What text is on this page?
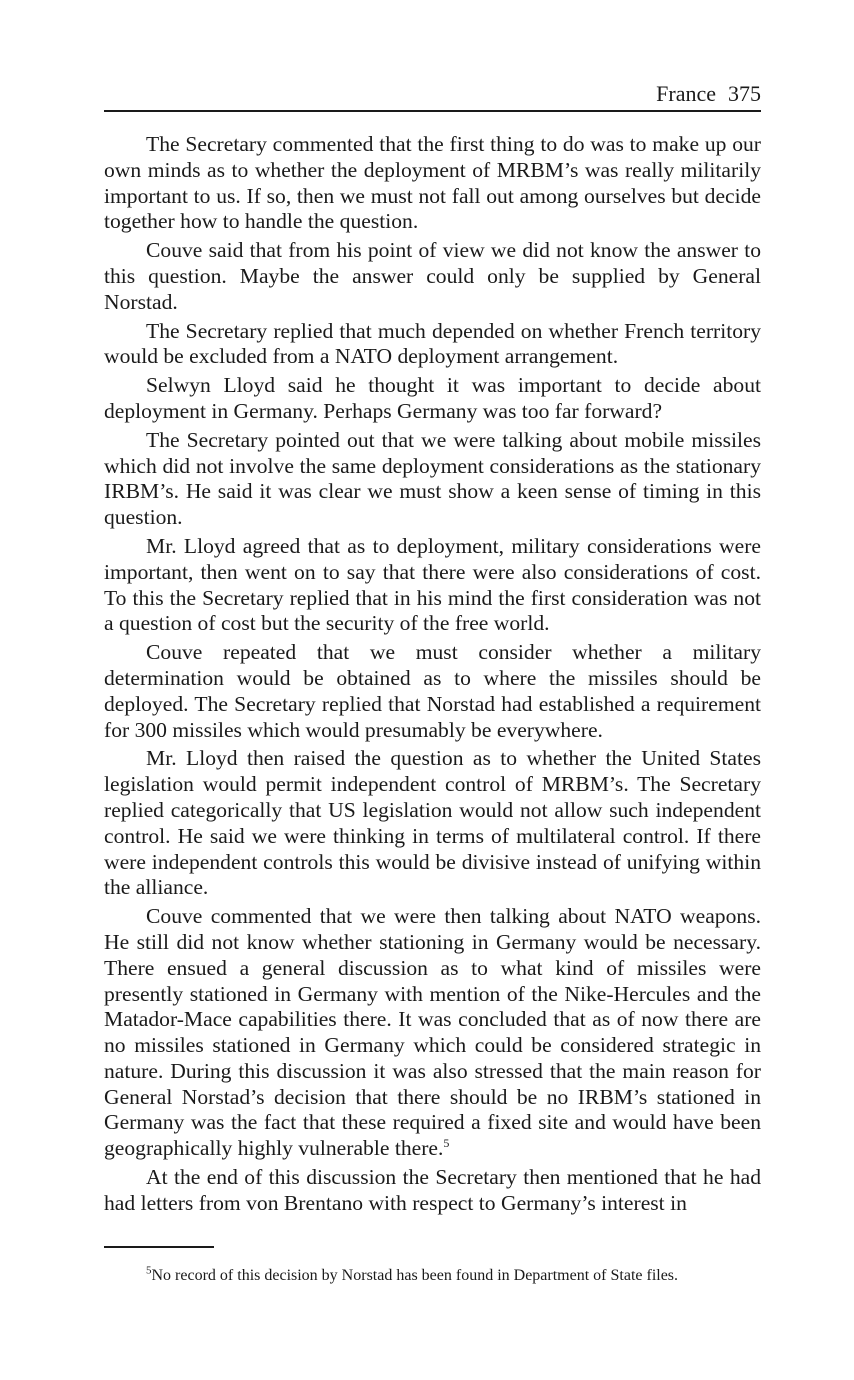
France 375

The Secretary commented that the first thing to do was to make up our own minds as to whether the deployment of MRBM’s was really militarily important to us. If so, then we must not fall out among ourselves but decide together how to handle the question.

Couve said that from his point of view we did not know the answer to this question. Maybe the answer could only be supplied by General Norstad.

The Secretary replied that much depended on whether French territory would be excluded from a NATO deployment arrangement.

Selwyn Lloyd said he thought it was important to decide about deployment in Germany. Perhaps Germany was too far forward?

The Secretary pointed out that we were talking about mobile missiles which did not involve the same deployment considerations as the stationary IRBM’s. He said it was clear we must show a keen sense of timing in this question.

Mr. Lloyd agreed that as to deployment, military considerations were important, then went on to say that there were also considerations of cost. To this the Secretary replied that in his mind the first consideration was not a question of cost but the security of the free world.

Couve repeated that we must consider whether a military determination would be obtained as to where the missiles should be deployed. The Secretary replied that Norstad had established a requirement for 300 missiles which would presumably be everywhere.

Mr. Lloyd then raised the question as to whether the United States legislation would permit independent control of MRBM’s. The Secretary replied categorically that US legislation would not allow such independent control. He said we were thinking in terms of multilateral control. If there were independent controls this would be divisive instead of unifying within the alliance.

Couve commented that we were then talking about NATO weapons. He still did not know whether stationing in Germany would be necessary. There ensued a general discussion as to what kind of missiles were presently stationed in Germany with mention of the Nike-Hercules and the Matador-Mace capabilities there. It was concluded that as of now there are no missiles stationed in Germany which could be considered strategic in nature. During this discussion it was also stressed that the main reason for General Norstad’s decision that there should be no IRBM’s stationed in Germany was the fact that these required a fixed site and would have been geographically highly vulnerable there.$^5$

At the end of this discussion the Secretary then mentioned that he had had letters from von Brentano with respect to Germany’s interest in

$^5$No record of this decision by Norstad has been found in Department of State files.
